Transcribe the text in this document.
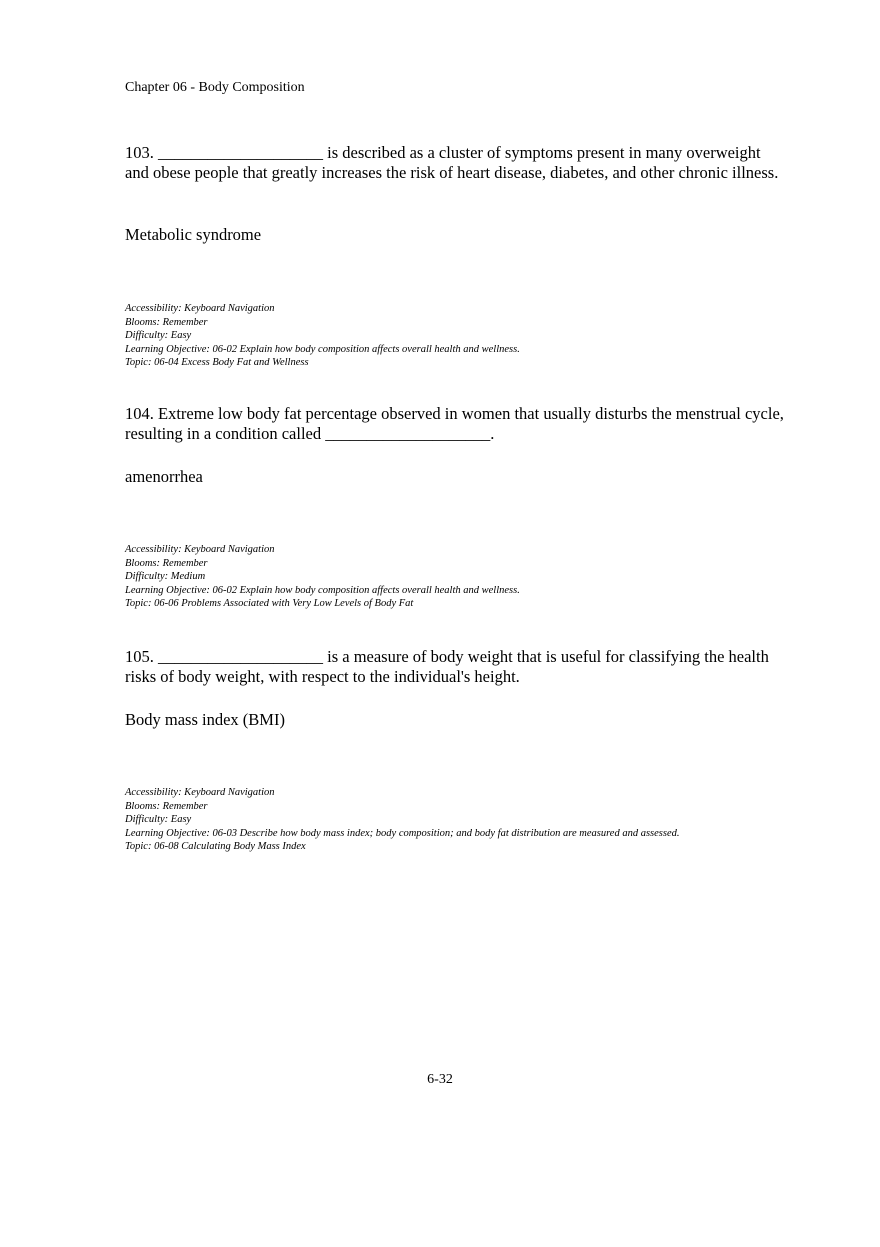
Chapter 06 - Body Composition

103. ____________________ is described as a cluster of symptoms present in many overweight and obese people that greatly increases the risk of heart disease, diabetes, and other chronic illness.

Metabolic syndrome

Accessibility: Keyboard Navigation
Blooms: Remember
Difficulty: Easy
Learning Objective: 06-02 Explain how body composition affects overall health and wellness.
Topic: 06-04 Excess Body Fat and Wellness

104. Extreme low body fat percentage observed in women that usually disturbs the menstrual cycle, resulting in a condition called ____________________.

amenorrhea

Accessibility: Keyboard Navigation
Blooms: Remember
Difficulty: Medium
Learning Objective: 06-02 Explain how body composition affects overall health and wellness.
Topic: 06-06 Problems Associated with Very Low Levels of Body Fat

105. ____________________ is a measure of body weight that is useful for classifying the health risks of body weight, with respect to the individual's height.

Body mass index (BMI)

Accessibility: Keyboard Navigation
Blooms: Remember
Difficulty: Easy
Learning Objective: 06-03 Describe how body mass index; body composition; and body fat distribution are measured and assessed.
Topic: 06-08 Calculating Body Mass Index
6-32
